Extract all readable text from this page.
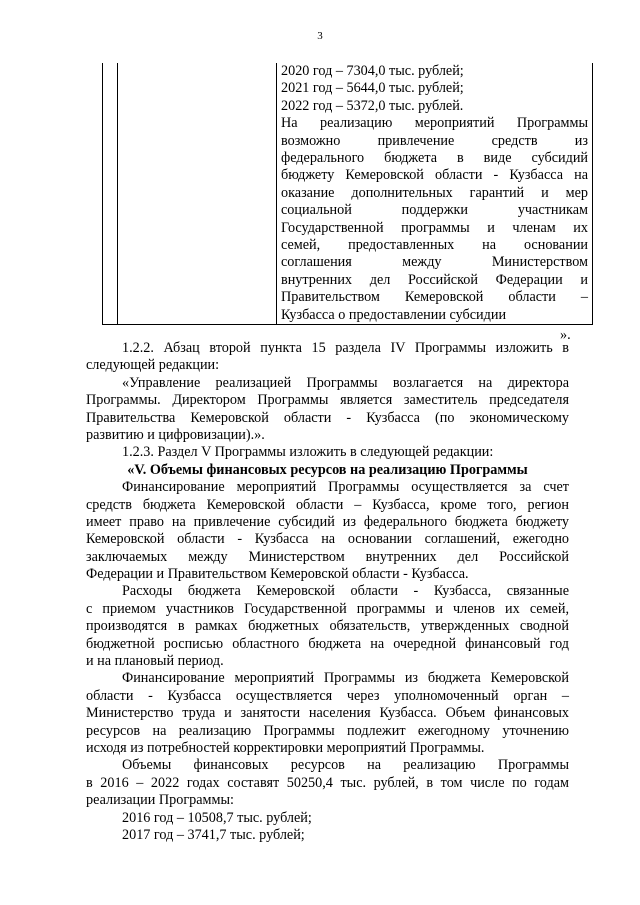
3

2020 год – 7304,0 тыс. рублей;
2021 год – 5644,0 тыс. рублей;
2022 год – 5372,0 тыс. рублей.
На реализацию мероприятий Программы
возможно привлечение средств из
федерального бюджета в виде субсидий
бюджету Кемеровской области - Кузбасса на
оказание дополнительных гарантий и мер
социальной поддержки участникам
Государственной программы и членам их
семей, предоставленных на основании
соглашения между Министерством
внутренних дел Российской Федерации и
Правительством Кемеровской области –
Кузбасса о предоставлении субсидии
».
1.2.2. Абзац второй пункта 15 раздела IV Программы изложить в
следующей редакции:
«Управление реализацией Программы возлагается на директора
Программы. Директором Программы является заместитель председателя
Правительства Кемеровской области - Кузбасса (по экономическому
развитию и цифровизации).».
1.2.3. Раздел V Программы изложить в следующей редакции:
«V. Объемы финансовых ресурсов на реализацию Программы
Финансирование мероприятий Программы осуществляется за счет
средств бюджета Кемеровской области – Кузбасса, кроме того, регион
имеет право на привлечение субсидий из федерального бюджета бюджету
Кемеровской области - Кузбасса на основании соглашений, ежегодно
заключаемых между Министерством внутренних дел Российской
Федерации и Правительством Кемеровской области - Кузбасса.
Расходы бюджета Кемеровской области - Кузбасса, связанные
с приемом участников Государственной программы и членов их семей,
производятся в рамках бюджетных обязательств, утвержденных сводной
бюджетной росписью областного бюджета на очередной финансовый год
и на плановый период.
Финансирование мероприятий Программы из бюджета Кемеровской
области - Кузбасса осуществляется через уполномоченный орган –
Министерство труда и занятости населения Кузбасса. Объем финансовых
ресурсов на реализацию Программы подлежит ежегодному уточнению
исходя из потребностей корректировки мероприятий Программы.
Объемы финансовых ресурсов на реализацию Программы
в 2016 – 2022 годах составят 50250,4 тыс. рублей, в том числе по годам
реализации Программы:
2016 год – 10508,7 тыс. рублей;
2017 год – 3741,7 тыс. рублей;
